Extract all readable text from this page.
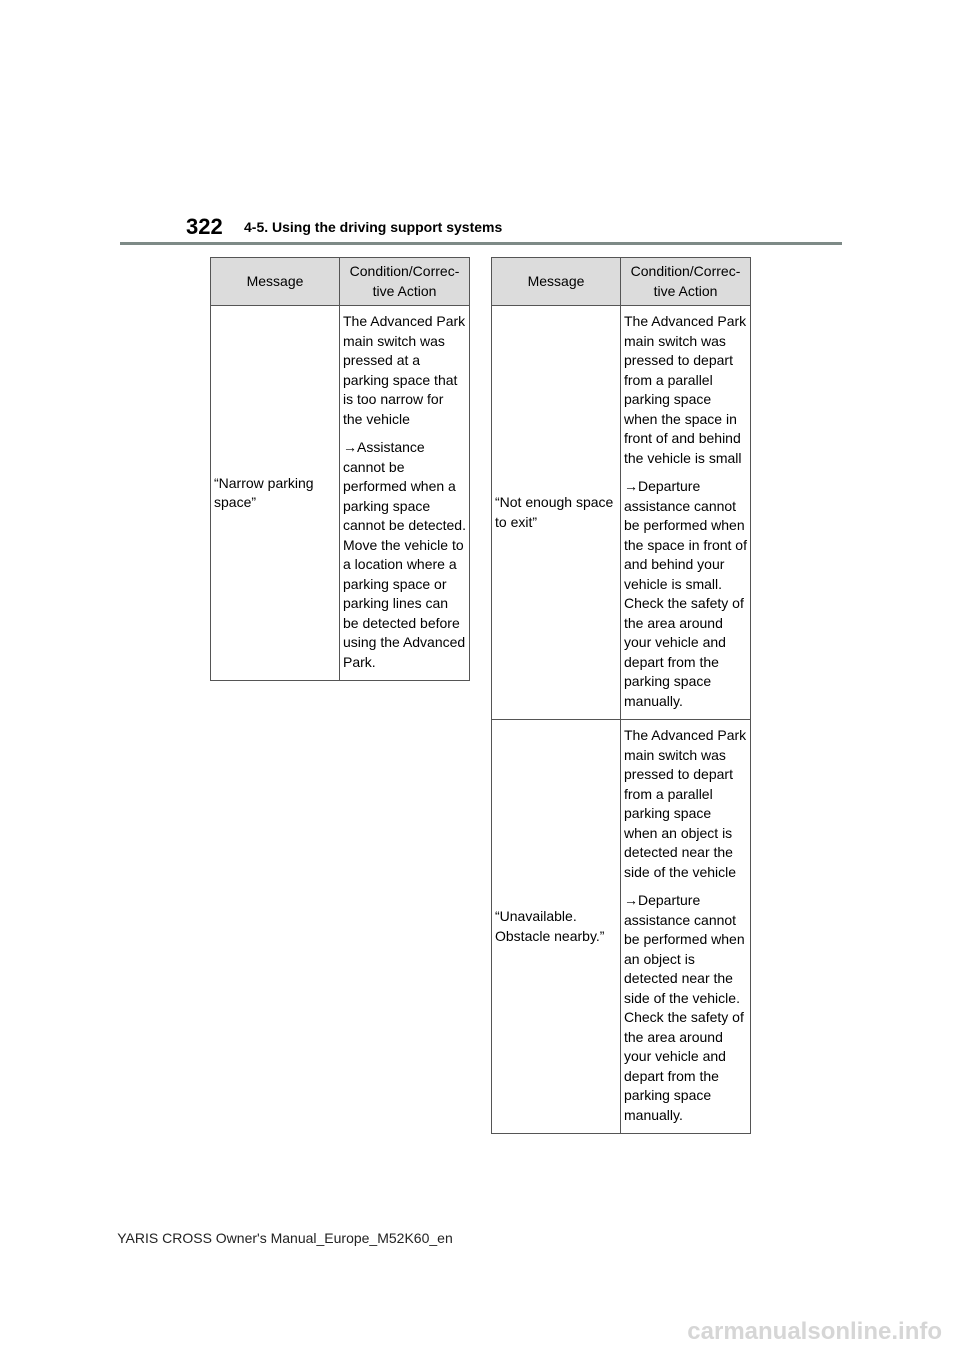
322 4-5. Using the driving support systems
Message	Condition/Correc-tive Action
“Narrow parking space”	The Advanced Park main switch was pressed at a parking space that is too narrow for the vehicle

→Assistance cannot be performed when a parking space cannot be detected. Move the vehicle to a location where a parking space or parking lines can be detected before using the Advanced Park.

Message	Condition/Correc-tive Action
“Not enough space to exit”	The Advanced Park main switch was pressed to depart from a parallel parking space when the space in front of and behind the vehicle is small

→Departure assistance cannot be performed when the space in front of and behind your vehicle is small. Check the safety of the area around your vehicle and depart from the parking space manually.

“Unavailable. Obstacle nearby.”	The Advanced Park main switch was pressed to depart from a parallel parking space when an object is detected near the side of the vehicle

→Departure assistance cannot be performed when an object is detected near the side of the vehicle. Check the safety of the area around your vehicle and depart from the parking space manually.

YARIS CROSS Owner's Manual_Europe_M52K60_en
carmanualsonline.info
